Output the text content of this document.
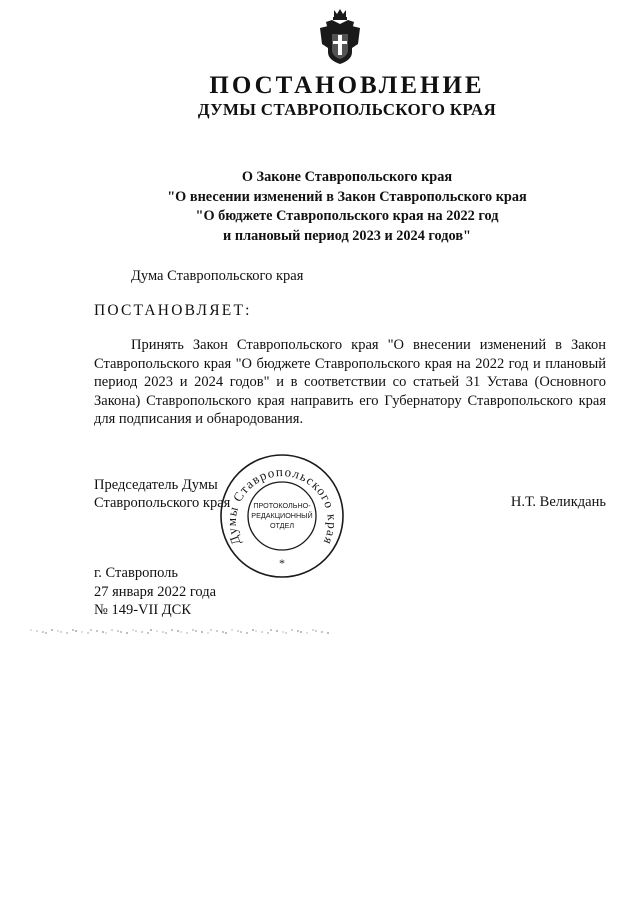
ПОСТАНОВЛЕНИЕ
ДУМЫ СТАВРОПОЛЬСКОГО КРАЯ
О Законе Ставропольского края
"О внесении изменений в Закон Ставропольского края
"О бюджете Ставропольского края на 2022 год
и плановый период 2023 и 2024 годов"
Дума Ставропольского края
ПОСТАНОВЛЯЕТ:
Принять Закон Ставропольского края "О внесении изменений в Закон
Ставропольского края "О бюджете Ставропольского края на 2022 год и плановый
период 2023 и 2024 годов" и в соответствии со статьей 31 Устава (Основного
Закона) Ставропольского края направить его Губернатору Ставропольского края
для подписания и обнародования.
Председатель Думы
Ставропольского края	Н.Т. Великдань
Думы Ставропольского края
ПРОТОКОЛЬНО-
РЕДАКЦИОННЫЙ
ОТДЕЛ
*
г. Ставрополь
27 января 2022 года
№ 149-VII ДСК
